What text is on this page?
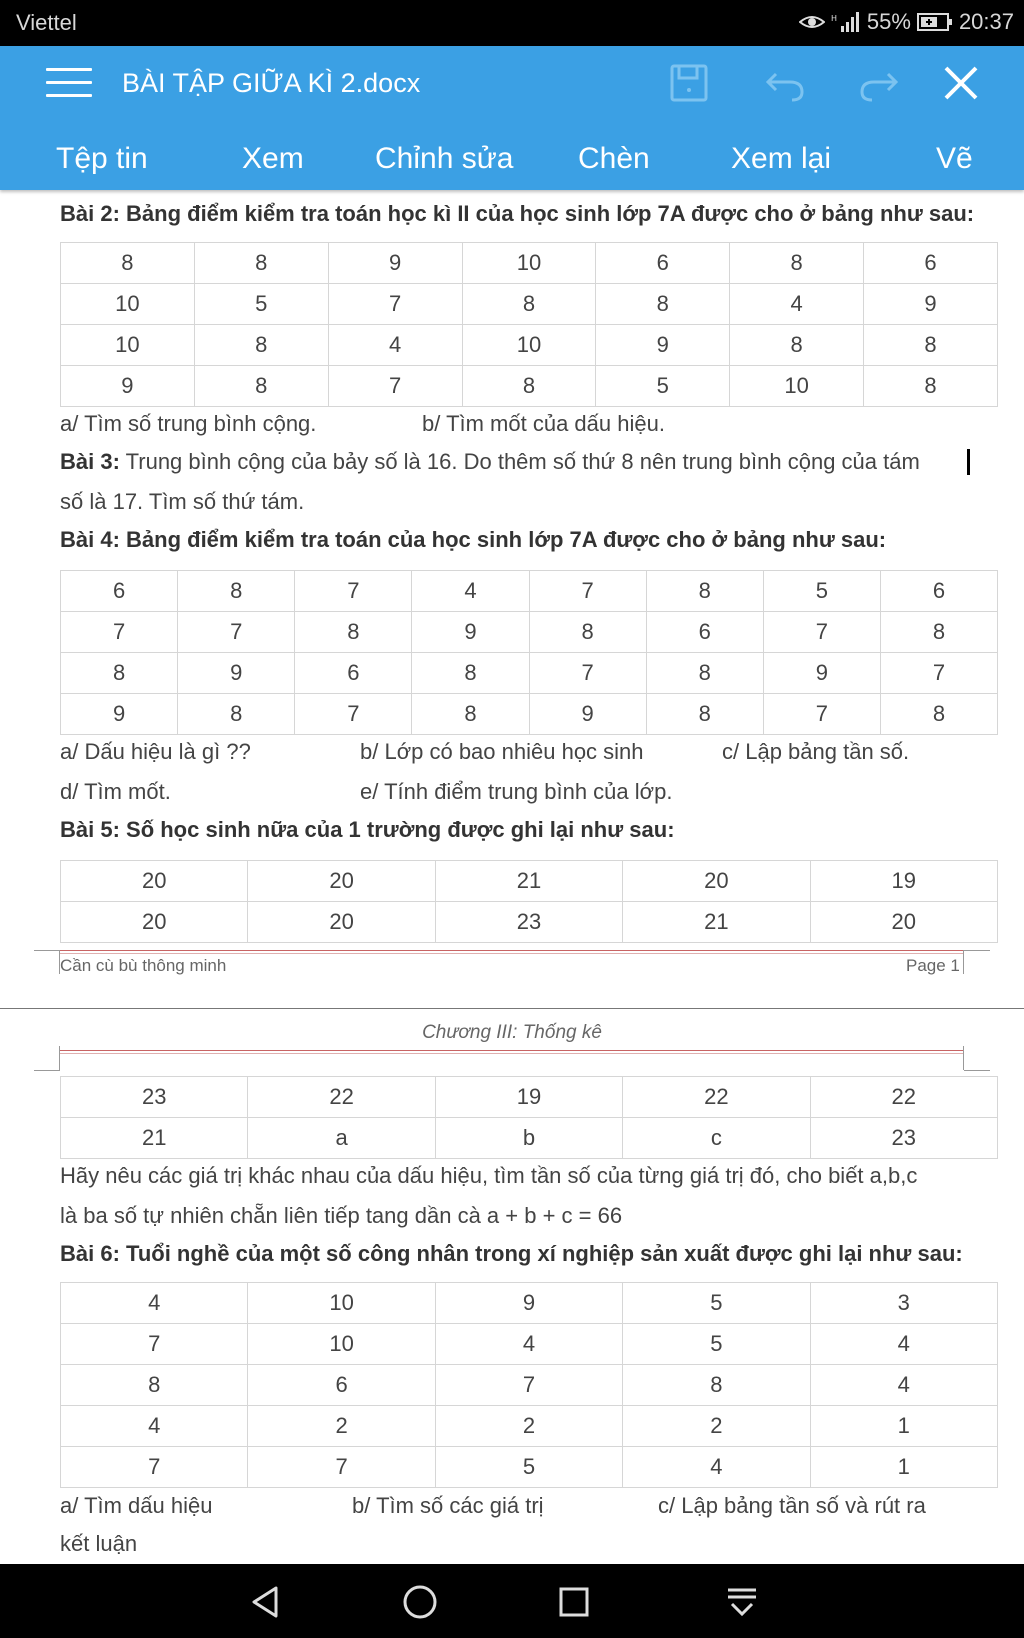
Viettel	H 55% 20:37
BÀI TẬP GIỮA KÌ 2.docx
Tệp tin	Xem Chỉnh sửa Chèn	Xem lại	Vẽ
Bài 2: Bảng điểm kiểm tra toán học kì II của học sinh lớp 7A được cho ở bảng như sau:
8	8	9	10	6	8	6
10	5	7	8	8	4	9
10	8	4	10	9	8	8
9	8	7	8	5	10	8
a/ Tìm số trung bình cộng.	b/ Tìm mốt của dấu hiệu.
Bài 3: Trung bình cộng của bảy số là 16. Do thêm số thứ 8 nên trung bình cộng của tám
số là 17. Tìm số thứ tám.
Bài 4: Bảng điểm kiểm tra toán của học sinh lớp 7A được cho ở bảng như sau:
6	8	7	4	7	8	5	6
7	7	8	9	8	6	7	8
8	9	6	8	7	8	9	7
9	8	7	8	9	8	7	8
a/ Dấu hiệu là gì ??	b/ Lớp có bao nhiêu học sinh	c/ Lập bảng tần số.
d/ Tìm mốt.	e/ Tính điểm trung bình của lớp.
Bài 5: Số học sinh nữa của 1 trường được ghi lại như sau:
20	20	21	20	19
20	20	23	21	20
Cần cù bù thông minh	Page 1
Chương III: Thống kê
23	22	19	22	22
21	a	b	c	23
Hãy nêu các giá trị khác nhau của dấu hiệu, tìm tần số của từng giá trị đó, cho biết a,b,c
là ba số tự nhiên chẵn liên tiếp tang dần cà a + b + c = 66
Bài 6: Tuổi nghề của một số công nhân trong xí nghiệp sản xuất được ghi lại như sau:
4	10	9	5	3
7	10	4	5	4
8	6	7	8	4
4	2	2	2	1
7	7	5	4	1
a/ Tìm dấu hiệu	b/ Tìm số các giá trị	c/ Lập bảng tần số và rút ra
kết luận
